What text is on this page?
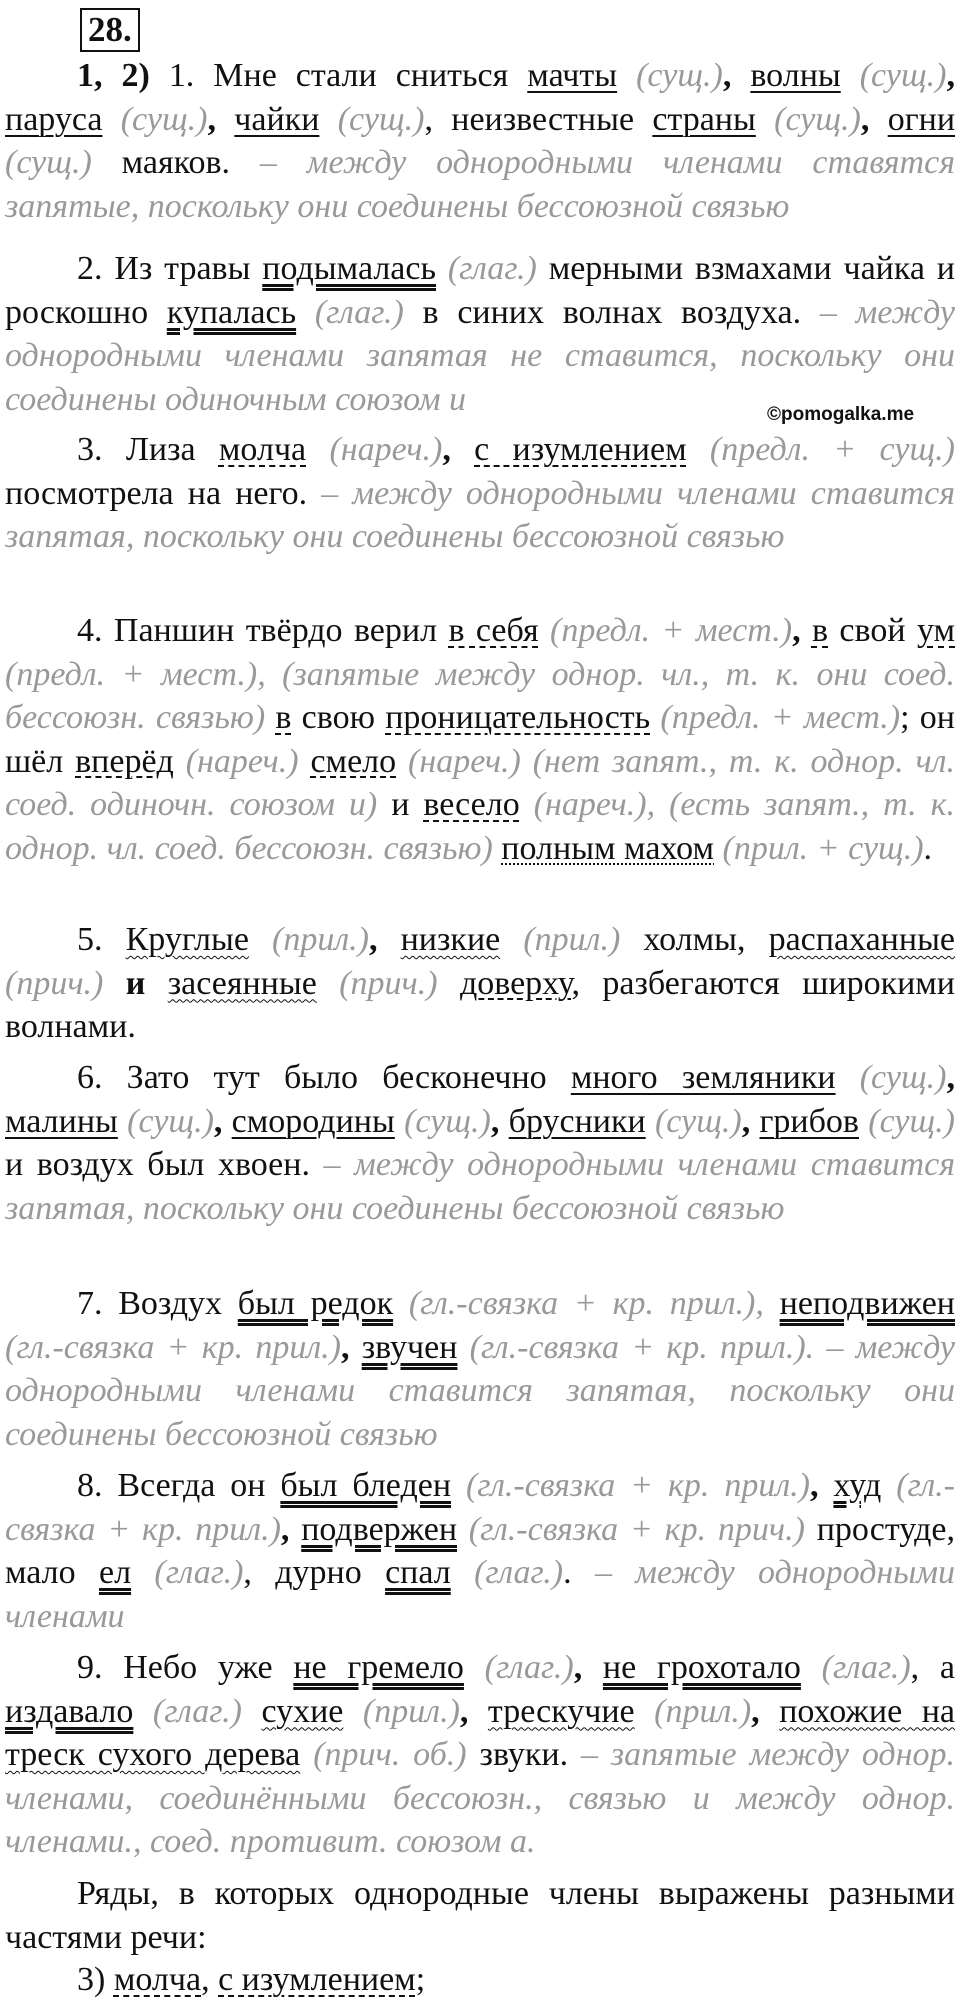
28.
©pomogalka.me
1, 2) 1. Мне стали сниться мачты (сущ.), волны (сущ.), паруса (сущ.), чайки (сущ.), неизвестные страны (сущ.), огни (сущ.) маяков. – между однородными членами ставятся запятые, поскольку они соединены бессоюзной связью
2. Из травы подымалась (глаг.) мерными взмахами чайка и роскошно купалась (глаг.) в синих волнах воздуха. – между однородными членами запятая не ставится, поскольку они соединены одиночным союзом и
3. Лиза молча (нареч.), с изумлением (предл. + сущ.) посмотрела на него. – между однородными членами ставится запятая, поскольку они соединены бессоюзной связью
4. Паншин твёрдо верил в себя (предл. + мест.), в свой ум (предл. + мест.), (запятые между однор. чл., т. к. они соед. бессоюзн. связью) в свою проницательность (предл. + мест.); он шёл вперёд (нареч.) смело (нареч.) (нет запят., т. к. однор. чл. соед. одиночн. союзом и) и весело (нареч.), (есть запят., т. к. однор. чл. соед. бессоюзн. связью) полным махом (прил. + сущ.).
5. Круглые (прил.), низкие (прил.) холмы, распаханные (прич.) и засеянные (прич.) доверху, разбегаются широкими волнами.
6. Зато тут было бесконечно много земляники (сущ.), малины (сущ.), смородины (сущ.), брусники (сущ.), грибов (сущ.) и воздух был хвоен. – между однородными членами ставится запятая, поскольку они соединены бессоюзной связью
7. Воздух был редок (гл.-связка + кр. прил.), неподвижен (гл.-связка + кр. прил.), звучен (гл.-связка + кр. прил.). – между однородными членами ставится запятая, поскольку они соединены бессоюзной связью
8. Всегда он был бледен (гл.-связка + кр. прил.), худ (гл.-связка + кр. прил.), подвержен (гл.-связка + кр. прич.) простуде, мало ел (глаг.), дурно спал (глаг.). – между однородными членами
9. Небо уже не гремело (глаг.), не грохотало (глаг.), а издавало (глаг.) сухие (прил.), трескучие (прил.), похожие на треск сухого дерева (прич. об.) звуки. – запятые между однор. членами, соединёнными бессоюзн., связью и между однор. членами., соед. противит. союзом а.
Ряды, в которых однородные члены выражены разными частями речи:
3) молча, с изумлением;
